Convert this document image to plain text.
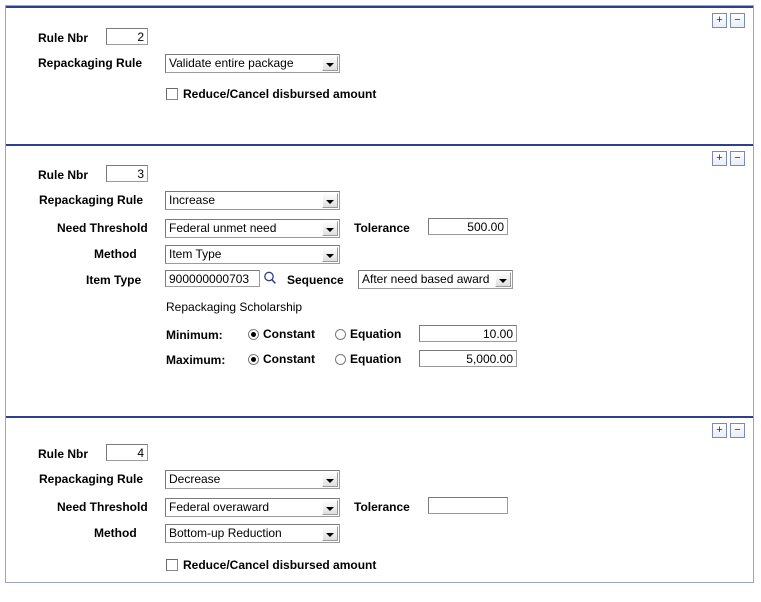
+	−
Rule Nbr	2
Repackaging Rule	Validate entire package
Reduce/Cancel disbursed amount
+	−
Rule Nbr	3
Repackaging Rule	Increase
Need Threshold	Federal unmet need	Tolerance	500.00
Method	Item Type
Item Type	900000000703	Sequence	After need based award
Repackaging Scholarship
Minimum:	Constant	Equation	10.00
Maximum:	Constant	Equation	5,000.00
+	−
Rule Nbr	4
Repackaging Rule	Decrease
Need Threshold	Federal overaward	Tolerance
Method	Bottom-up Reduction
Reduce/Cancel disbursed amount
